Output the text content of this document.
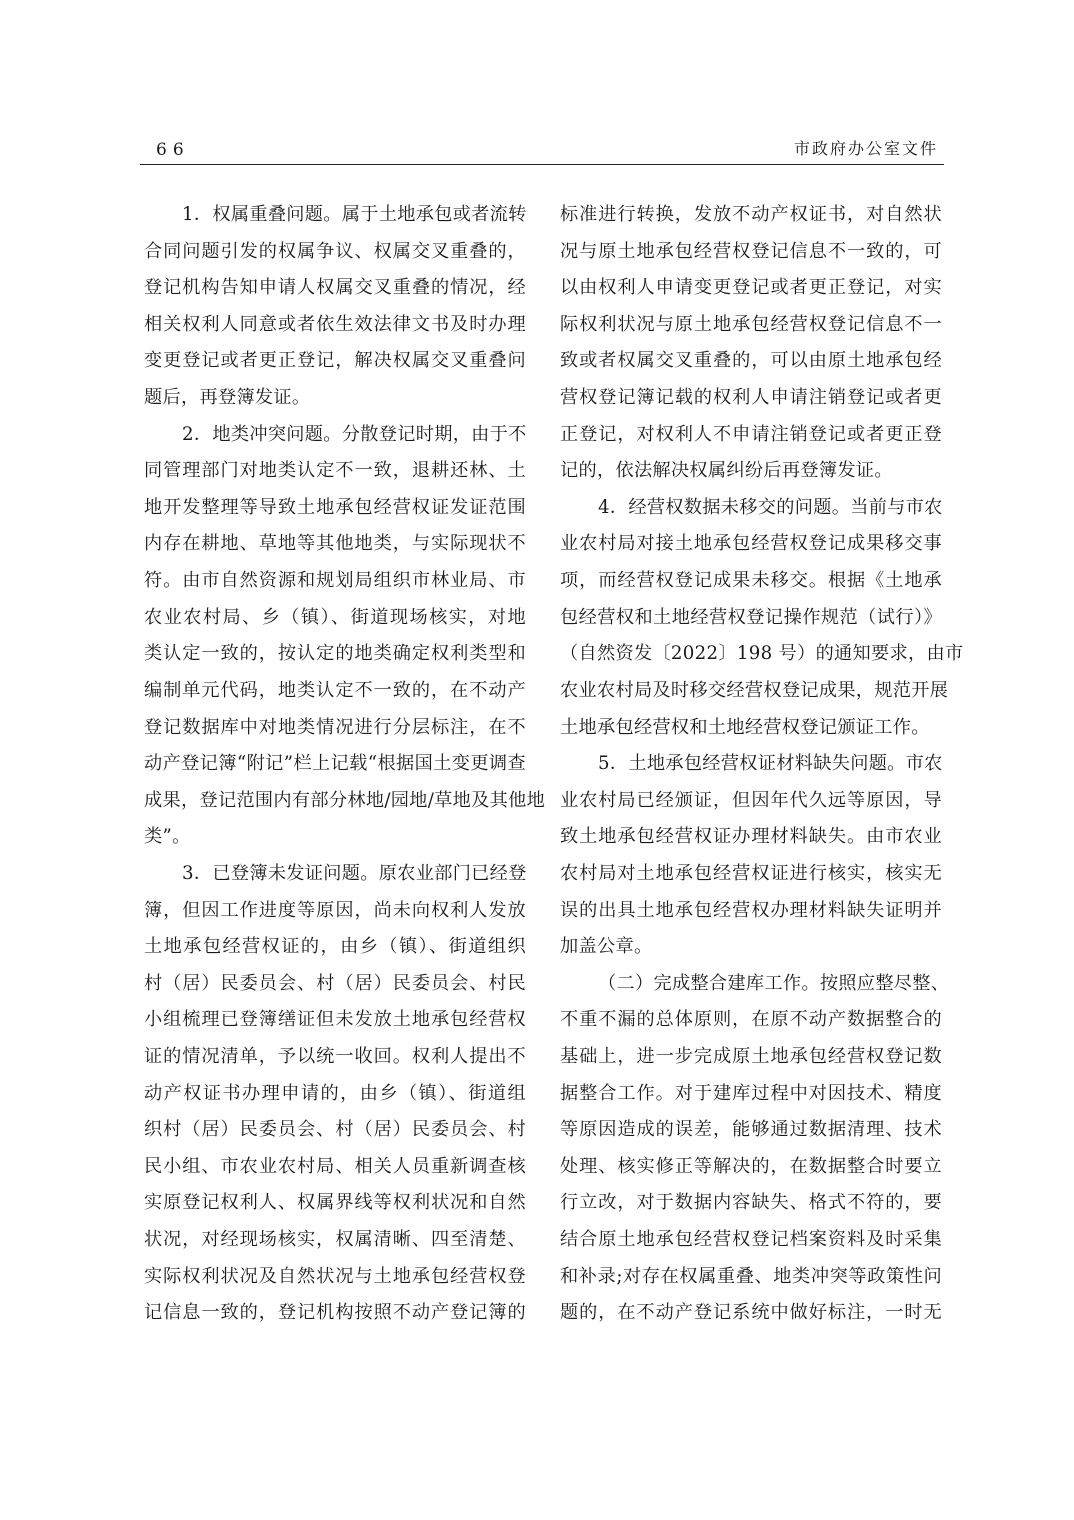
66	市政府办公室文件
1．权属重叠问题。属于土地承包或者流转
合同问题引发的权属争议、权属交叉重叠的，
登记机构告知申请人权属交叉重叠的情况，经
相关权利人同意或者依生效法律文书及时办理
变更登记或者更正登记，解决权属交叉重叠问
题后，再登簿发证。
2．地类冲突问题。分散登记时期，由于不
同管理部门对地类认定不一致，退耕还林、土
地开发整理等导致土地承包经营权证发证范围
内存在耕地、草地等其他地类，与实际现状不
符。由市自然资源和规划局组织市林业局、市
农业农村局、乡（镇）、街道现场核实，对地
类认定一致的，按认定的地类确定权利类型和
编制单元代码，地类认定不一致的，在不动产
登记数据库中对地类情况进行分层标注，在不
动产登记簿“附记”栏上记载“根据国土变更调查
成果，登记范围内有部分林地/园地/草地及其他地
类”。
3．已登簿未发证问题。原农业部门已经登
簿，但因工作进度等原因，尚未向权利人发放
土地承包经营权证的，由乡（镇）、街道组织
村（居）民委员会、村（居）民委员会、村民
小组梳理已登簿缮证但未发放土地承包经营权
证的情况清单，予以统一收回。权利人提出不
动产权证书办理申请的，由乡（镇）、街道组
织村（居）民委员会、村（居）民委员会、村
民小组、市农业农村局、相关人员重新调查核
实原登记权利人、权属界线等权利状况和自然
状况，对经现场核实，权属清晰、四至清楚、
实际权利状况及自然状况与土地承包经营权登
记信息一致的，登记机构按照不动产登记簿的
标准进行转换，发放不动产权证书，对自然状
况与原土地承包经营权登记信息不一致的，可
以由权利人申请变更登记或者更正登记，对实
际权利状况与原土地承包经营权登记信息不一
致或者权属交叉重叠的，可以由原土地承包经
营权登记簿记载的权利人申请注销登记或者更
正登记，对权利人不申请注销登记或者更正登
记的，依法解决权属纠纷后再登簿发证。
4．经营权数据未移交的问题。当前与市农
业农村局对接土地承包经营权登记成果移交事
项，而经营权登记成果未移交。根据《土地承
包经营权和土地经营权登记操作规范（试行）》
（自然资发〔2022〕198 号）的通知要求，由市
农业农村局及时移交经营权登记成果，规范开展
土地承包经营权和土地经营权登记颁证工作。
5．土地承包经营权证材料缺失问题。市农
业农村局已经颁证，但因年代久远等原因，导
致土地承包经营权证办理材料缺失。由市农业
农村局对土地承包经营权证进行核实，核实无
误的出具土地承包经营权办理材料缺失证明并
加盖公章。
（二）完成整合建库工作。按照应整尽整、
不重不漏的总体原则，在原不动产数据整合的
基础上，进一步完成原土地承包经营权登记数
据整合工作。对于建库过程中对因技术、精度
等原因造成的误差，能够通过数据清理、技术
处理、核实修正等解决的，在数据整合时要立
行立改，对于数据内容缺失、格式不符的，要
结合原土地承包经营权登记档案资料及时采集
和补录;对存在权属重叠、地类冲突等政策性问
题的，在不动产登记系统中做好标注，一时无
